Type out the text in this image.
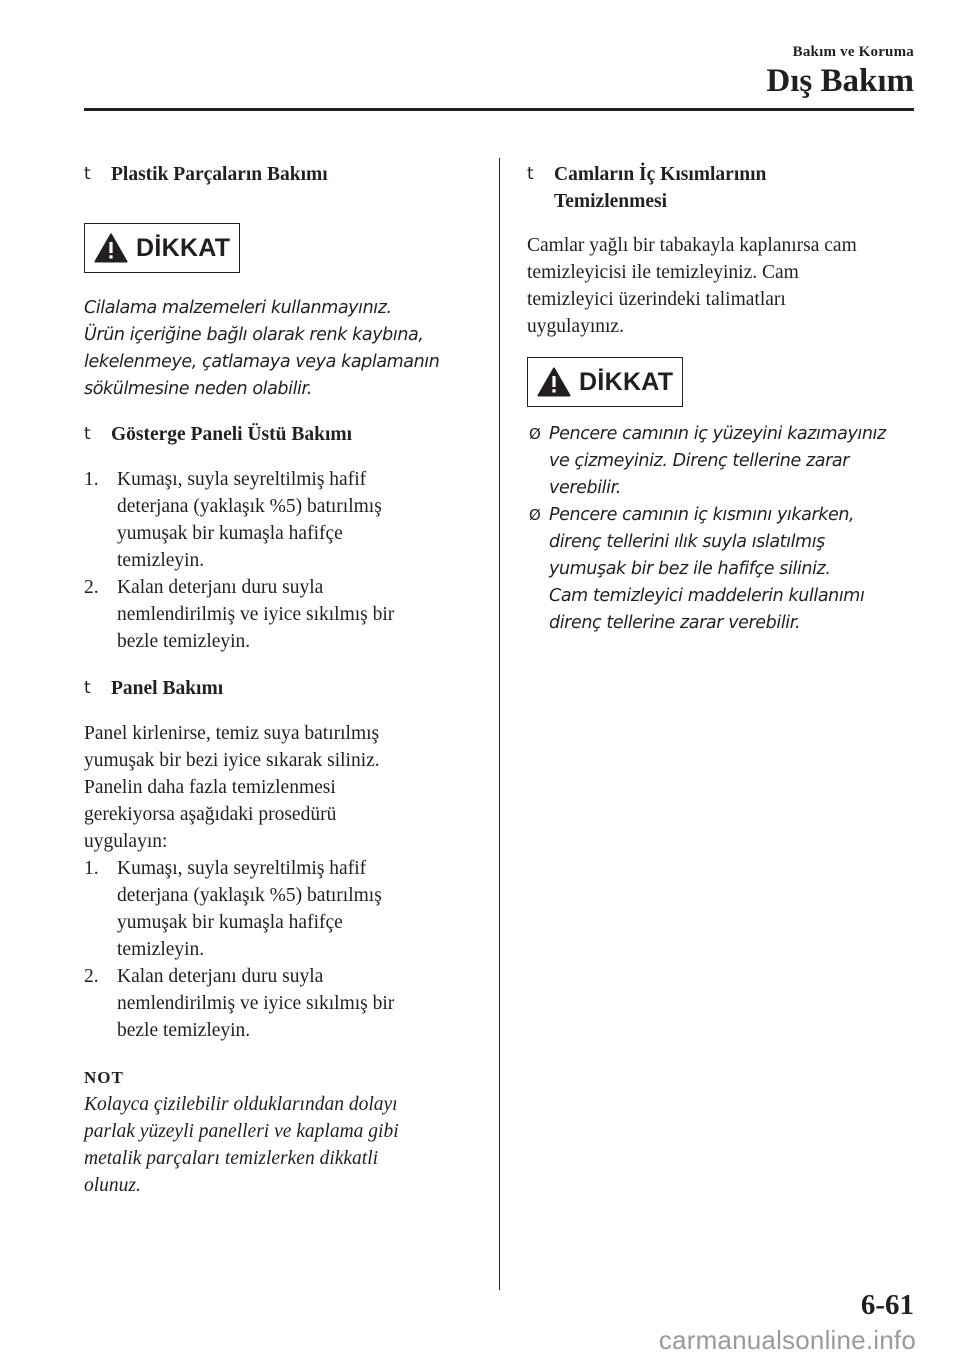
Bakım ve Koruma
Dış Bakım
t Plastik Parçaların Bakımı
DİKKAT

Cilalama malzemeleri kullanmayınız.

Ürün içeriğine bağlı olarak renk kaybına,

lekelenmeye, çatlamaya veya kaplamanın

sökülmesine neden olabilir.

t Gösterge Paneli Üstü Bakımı
1. Kumaşı, suyla seyreltilmiş hafif
deterjana (yaklaşık %5) batırılmış
yumuşak bir kumaşla hafifçe
temizleyin.
2. Kalan deterjanı duru suyla
nemlendirilmiş ve iyice sıkılmış bir
bezle temizleyin.
t Panel Bakımı

Panel kirlenirse, temiz suya batırılmış

yumuşak bir bezi iyice sıkarak siliniz.

Panelin daha fazla temizlenmesi

gerekiyorsa aşağıdaki prosedürü

uygulayın:

1. Kumaşı, suyla seyreltilmiş hafif
deterjana (yaklaşık %5) batırılmış
yumuşak bir kumaşla hafifçe
temizleyin.
2. Kalan deterjanı duru suyla
nemlendirilmiş ve iyice sıkılmış bir
bezle temizleyin.
NOT
Kolayca çizilebilir olduklarından dolayı
parlak yüzeyli panelleri ve kaplama gibi
metalik parçaları temizlerken dikkatli
olunuz.
t Camların İç Kısımlarının
Temizlenmesi

Camlar yağlı bir tabakayla kaplanırsa cam

temizleyicisi ile temizleyiniz. Cam

temizleyici üzerindeki talimatları

uygulayınız.

DİKKAT
Ø Pencere camının iç yüzeyini kazımayınız
ve çizmeyiniz. Direnç tellerine zarar
verebilir.
Ø Pencere camının iç kısmını yıkarken,
direnç tellerini ılık suyla ıslatılmış
yumuşak bir bez ile hafifçe siliniz.
Cam temizleyici maddelerin kullanımı
direnç tellerine zarar verebilir.
6-61
carmanualsonline.info
